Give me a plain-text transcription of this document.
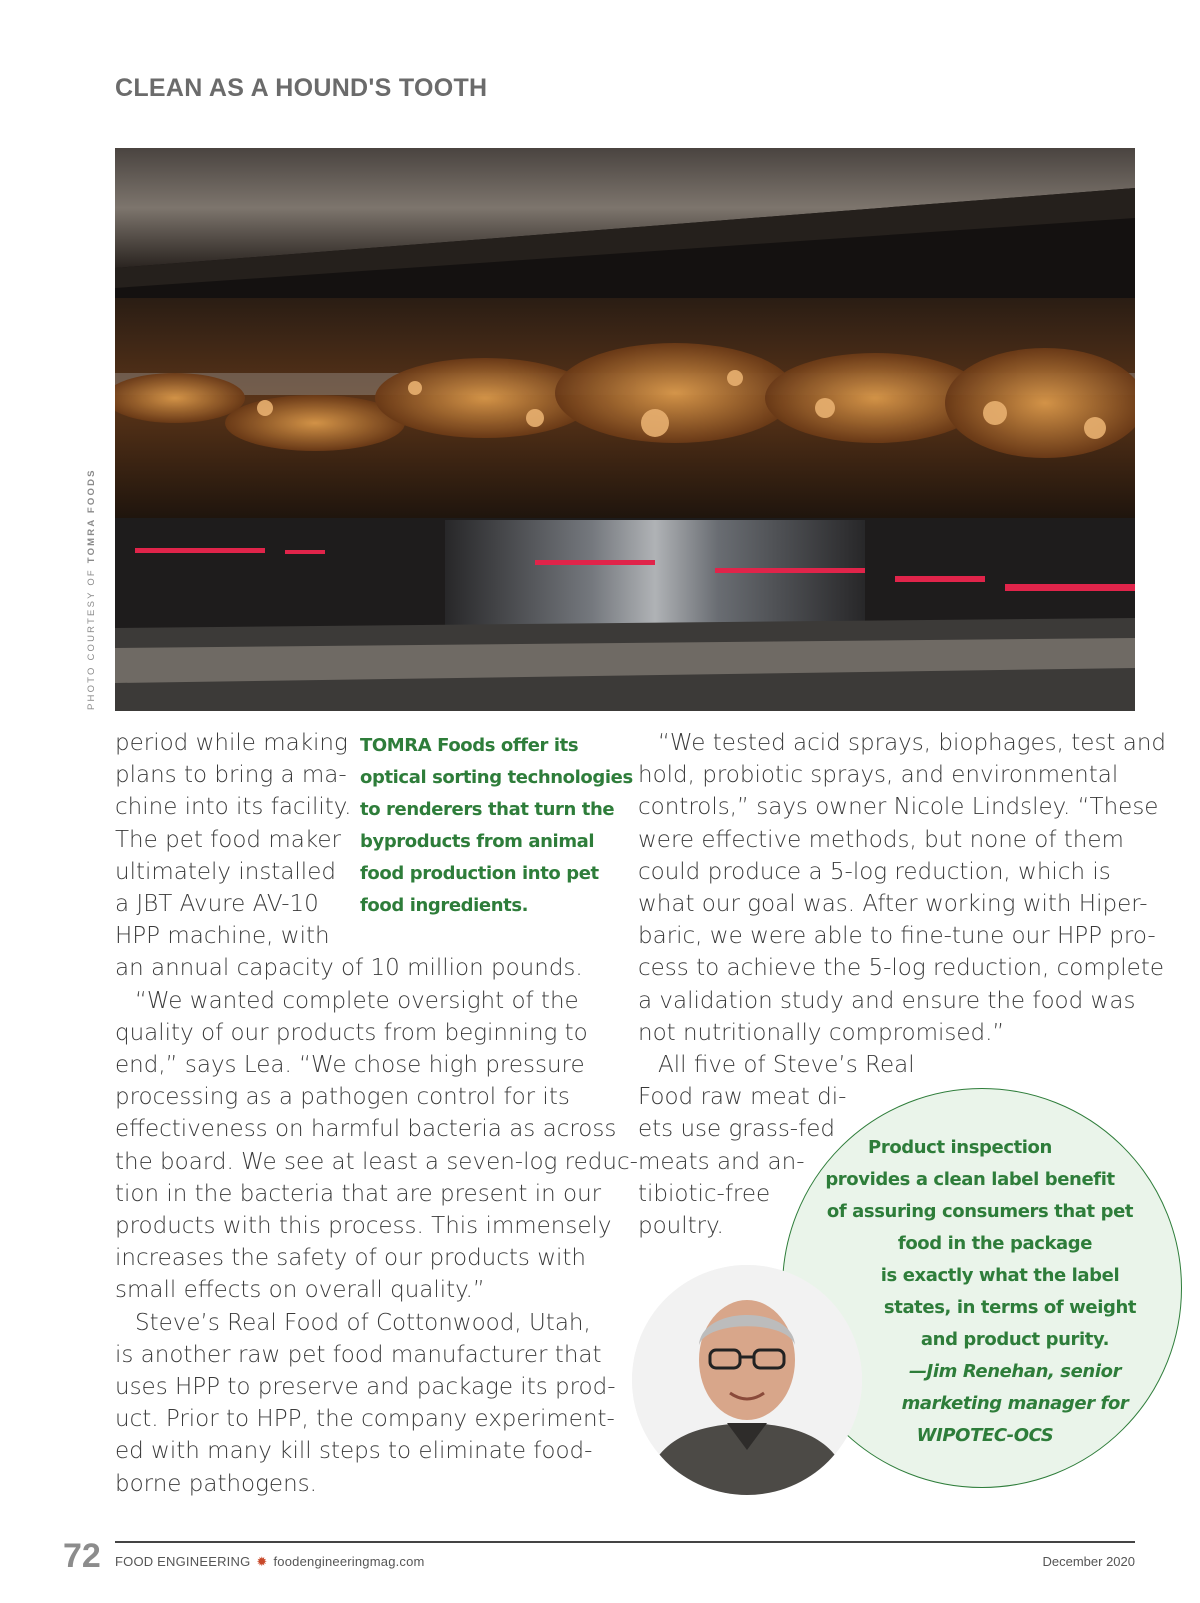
CLEAN AS A HOUND'S TOOTH
PHOTO COURTESY OF TOMRA FOODS
period while making
plans to bring a ma-
chine into its facility.
The pet food maker
ultimately installed
a JBT Avure AV-10
HPP machine, with
an annual capacity of 10 million pounds.
“We wanted complete oversight of the
quality of our products from beginning to
end,” says Lea. “We chose high pressure
processing as a pathogen control for its
effectiveness on harmful bacteria as across
the board. We see at least a seven-log reduc-
tion in the bacteria that are present in our
products with this process. This immensely
increases the safety of our products with
small effects on overall quality.”
Steve’s Real Food of Cottonwood, Utah,
is another raw pet food manufacturer that
uses HPP to preserve and package its prod-
uct. Prior to HPP, the company experiment-
ed with many kill steps to eliminate food-
borne pathogens.
TOMRA Foods offer its
optical sorting technologies
to renderers that turn the
byproducts from animal
food production into pet
food ingredients.
“We tested acid sprays, biophages, test and
hold, probiotic sprays, and environmental
controls,” says owner Nicole Lindsley. “These
were effective methods, but none of them
could produce a 5-log reduction, which is
what our goal was. After working with Hiper-
baric, we were able to fine-tune our HPP pro-
cess to achieve the 5-log reduction, complete
a validation study and ensure the food was
not nutritionally compromised.”
All five of Steve’s Real
Food raw meat di-
ets use grass-fed
meats and an-
tibiotic-free
poultry.
Product inspection
provides a clean label benefit
of assuring consumers that pet
food in the package
is exactly what the label
states, in terms of weight
and product purity.
—Jim Renehan, senior
marketing manager for
WIPOTEC-OCS
72 FOOD ENGINEERING ✹ foodengineeringmag.com	December 2020
